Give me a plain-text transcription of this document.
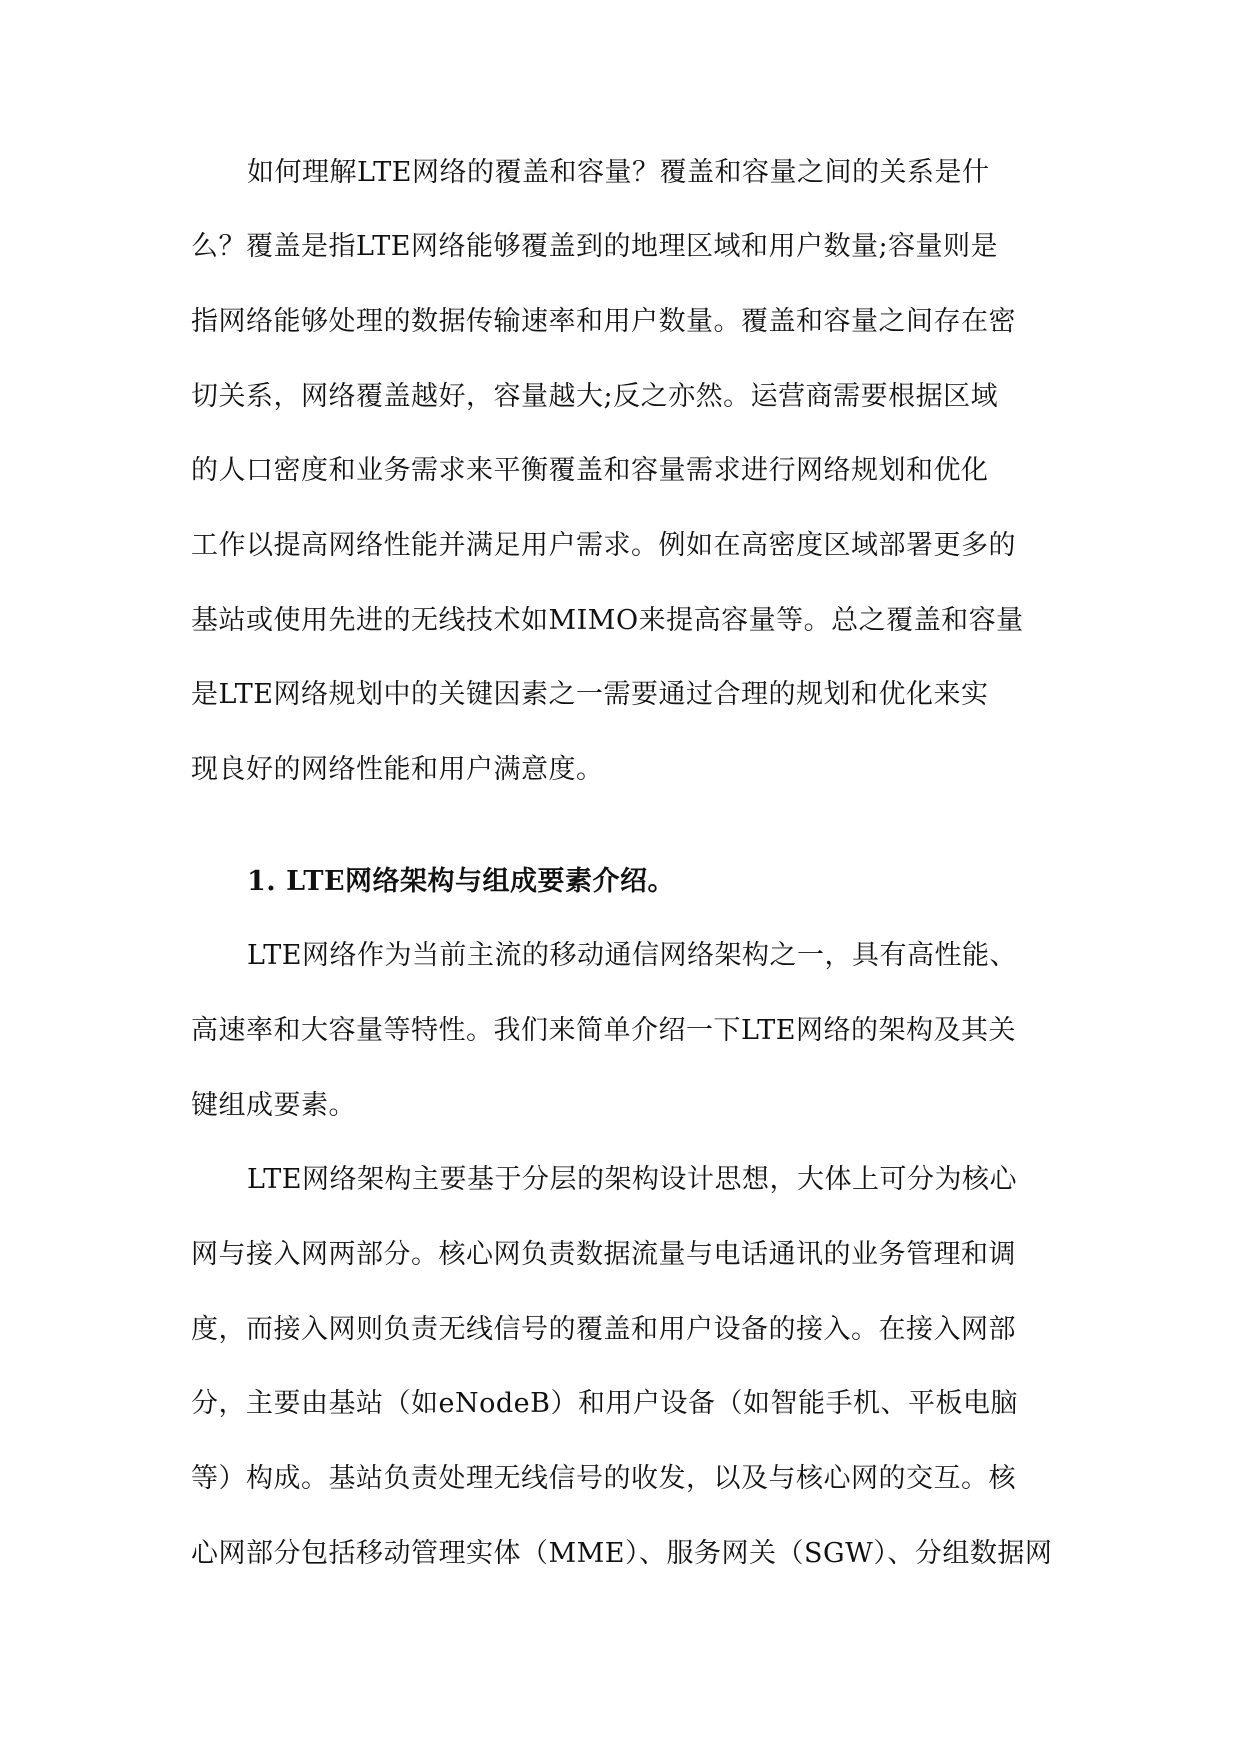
如何理解LTE网络的覆盖和容量？覆盖和容量之间的关系是什
么？覆盖是指LTE网络能够覆盖到的地理区域和用户数量;容量则是
指网络能够处理的数据传输速率和用户数量。覆盖和容量之间存在密
切关系，网络覆盖越好，容量越大;反之亦然。运营商需要根据区域
的人口密度和业务需求来平衡覆盖和容量需求进行网络规划和优化
工作以提高网络性能并满足用户需求。例如在高密度区域部署更多的
基站或使用先进的无线技术如MIMO来提高容量等。总之覆盖和容量
是LTE网络规划中的关键因素之一需要通过合理的规划和优化来实
现良好的网络性能和用户满意度。
1. LTE网络架构与组成要素介绍。
LTE网络作为当前主流的移动通信网络架构之一，具有高性能、
高速率和大容量等特性。我们来简单介绍一下LTE网络的架构及其关
键组成要素。
LTE网络架构主要基于分层的架构设计思想，大体上可分为核心
网与接入网两部分。核心网负责数据流量与电话通讯的业务管理和调
度，而接入网则负责无线信号的覆盖和用户设备的接入。在接入网部
分，主要由基站（如eNodeB）和用户设备（如智能手机、平板电脑
等）构成。基站负责处理无线信号的收发，以及与核心网的交互。核
心网部分包括移动管理实体（MME）、服务网关（SGW）、分组数据网
